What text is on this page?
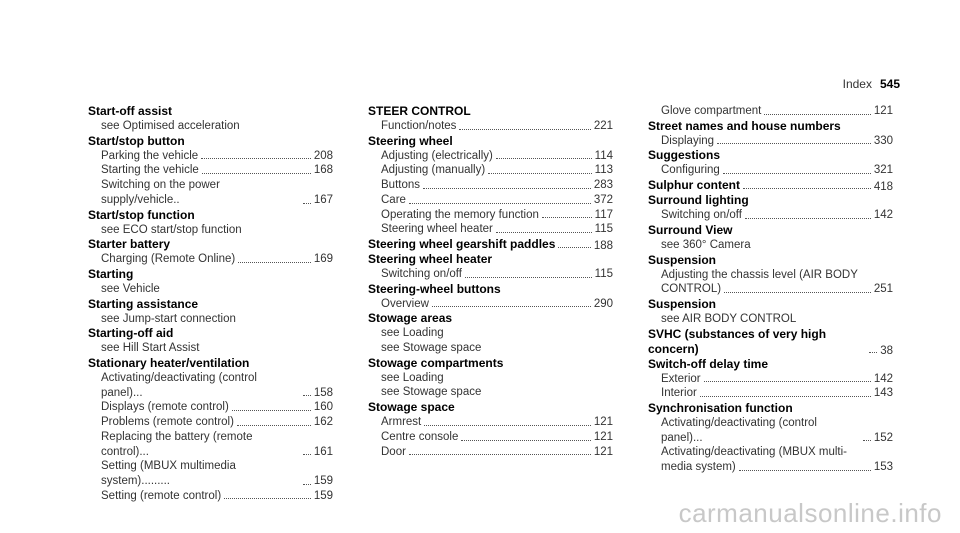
Index 545
Start-off assist
see Optimised acceleration
Start/stop button
Parking the vehicle	208
Starting the vehicle	168
Switching on the power supply/vehicle..	167
Start/stop function
see ECO start/stop function
Starter battery
Charging (Remote Online)	169
Starting
see Vehicle
Starting assistance
see Jump-start connection
Starting-off aid
see Hill Start Assist
Stationary heater/ventilation
Activating/deactivating (control panel)...	158
Displays (remote control)	160
Problems (remote control)	162
Replacing the battery (remote control)...	161
Setting (MBUX multimedia system).........	159
Setting (remote control)	159
STEER CONTROL
Function/notes	221
Steering wheel
Adjusting (electrically)	114
Adjusting (manually)	113
Buttons	283
Care	372
Operating the memory function	117
Steering wheel heater	115
Steering wheel gearshift paddles	188
Steering wheel heater
Switching on/off	115
Steering-wheel buttons
Overview	290
Stowage areas
see Loading
see Stowage space
Stowage compartments
see Loading
see Stowage space
Stowage space
Armrest	121
Centre console	121
Door	121
Glove compartment	121
Street names and house numbers
Displaying	330
Suggestions
Configuring	321
Sulphur content	418
Surround lighting
Switching on/off	142
Surround View
see 360° Camera
Suspension
Adjusting the chassis level (AIR BODY
CONTROL)	251
Suspension
see AIR BODY CONTROL
SVHC (substances of very high concern)	38
Switch-off delay time
Exterior	142
Interior	143
Synchronisation function
Activating/deactivating (control panel)...	152
Activating/deactivating (MBUX multi-
media system)	153
carmanualsonline.info
